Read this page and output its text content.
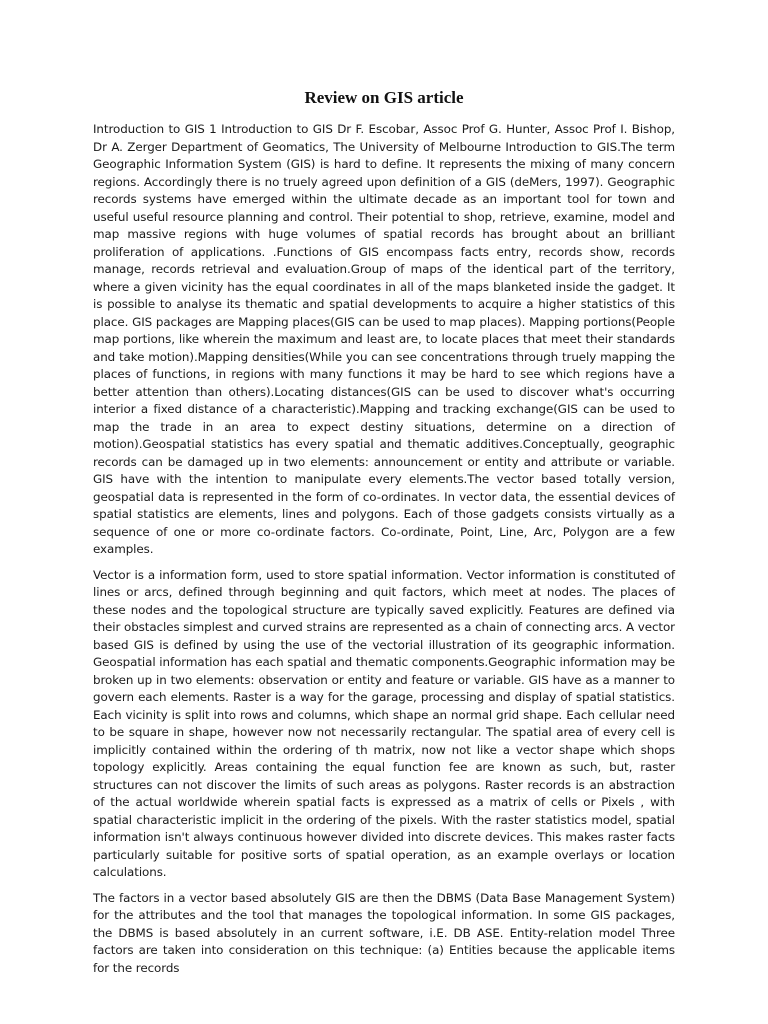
Review on GIS article

Introduction to GIS 1 Introduction to GIS Dr F. Escobar, Assoc Prof G. Hunter, Assoc Prof I. Bishop, Dr A. Zerger Department of Geomatics, The University of Melbourne Introduction to GIS.The term Geographic Information System (GIS) is hard to define. It represents the mixing of many concern regions. Accordingly there is no truely agreed upon definition of a GIS (deMers, 1997). Geographic records systems have emerged within the ultimate decade as an important tool for town and useful useful resource planning and control. Their potential to shop, retrieve, examine, model and map massive regions with huge volumes of spatial records has brought about an brilliant proliferation of applications. .Functions of GIS encompass facts entry, records show, records manage, records retrieval and evaluation.Group of maps of the identical part of the territory, where a given vicinity has the equal coordinates in all of the maps blanketed inside the gadget. It is possible to analyse its thematic and spatial developments to acquire a higher statistics of this place. GIS packages are Mapping places(GIS can be used to map places). Mapping portions(People map portions, like wherein the maximum and least are, to locate places that meet their standards and take motion).Mapping densities(While you can see concentrations through truely mapping the places of functions, in regions with many functions it may be hard to see which regions have a better attention than others).Locating distances(GIS can be used to discover what's occurring interior a fixed distance of a characteristic).Mapping and tracking exchange(GIS can be used to map the trade in an area to expect destiny situations, determine on a direction of motion).Geospatial statistics has every spatial and thematic additives.Conceptually, geographic records can be damaged up in two elements: announcement or entity and attribute or variable. GIS have with the intention to manipulate every elements.The vector based totally version, geospatial data is represented in the form of co-ordinates. In vector data, the essential devices of spatial statistics are elements, lines and polygons. Each of those gadgets consists virtually as a sequence of one or more co-ordinate factors. Co-ordinate, Point, Line, Arc, Polygon are a few examples.

Vector is a information form, used to store spatial information. Vector information is constituted of lines or arcs, defined through beginning and quit factors, which meet at nodes. The places of these nodes and the topological structure are typically saved explicitly. Features are defined via their obstacles simplest and curved strains are represented as a chain of connecting arcs. A vector based GIS is defined by using the use of the vectorial illustration of its geographic information. Geospatial information has each spatial and thematic components.Geographic information may be broken up in two elements: observation or entity and feature or variable. GIS have as a manner to govern each elements. Raster is a way for the garage, processing and display of spatial statistics. Each vicinity is split into rows and columns, which shape an normal grid shape. Each cellular need to be square in shape, however now not necessarily rectangular. The spatial area of every cell is implicitly contained within the ordering of th matrix, now not like a vector shape which shops topology explicitly. Areas containing the equal function fee are known as such, but, raster structures can not discover the limits of such areas as polygons. Raster records is an abstraction of the actual worldwide wherein spatial facts is expressed as a matrix of cells or Pixels , with spatial characteristic implicit in the ordering of the pixels. With the raster statistics model, spatial information isn't always continuous however divided into discrete devices. This makes raster facts particularly suitable for positive sorts of spatial operation, as an example overlays or location calculations.

The factors in a vector based absolutely GIS are then the DBMS (Data Base Management System) for the attributes and the tool that manages the topological information. In some GIS packages, the DBMS is based absolutely in an current software, i.E. DB ASE. Entity-relation model Three factors are taken into consideration on this technique: (a) Entities because the applicable items for the records
